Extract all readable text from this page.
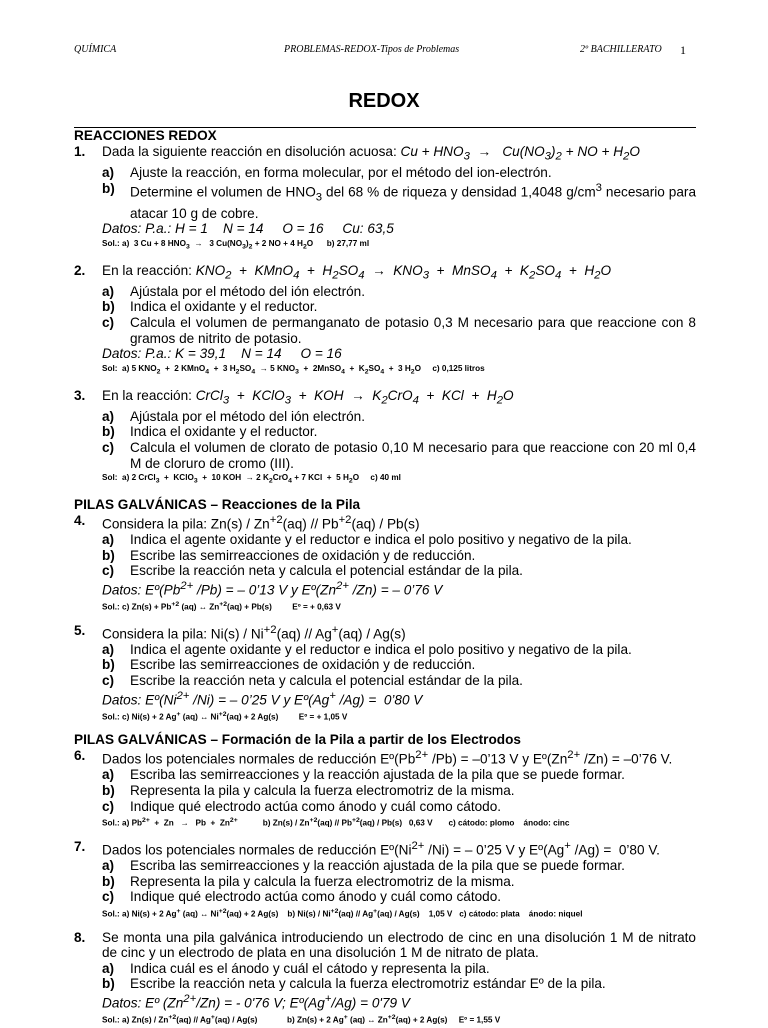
QUÍMICA	PROBLEMAS-REDOX-Tipos de Problemas	2º BACHILLERATO 1
REDOX
REACCIONES REDOX
1. Dada la siguiente reacción en disolución acuosa: $Cu + HNO_3 \to Cu(NO_3)_2$ + NO + $H_2O$
a) Ajuste la reacción, en forma molecular, por el método del ion-electrón.
b) Determine el volumen de $HNO_3$ del 68 % de riqueza y densidad 1,4048 $g/cm^3$ necesario para atacar 10 g de cobre.
Datos: P.a.: H = 1    N = 14     O = 16     Cu: 63,5
Sol.: a)  3 Cu + 8 $HNO_3 \to 3$ $Cu(NO_3)_2 + 2$ NO + 4 $H_2O$      b) 27,77 ml
2. En la reacción: $KNO_2$  +  KMnO$_4$  +  $H_2SO_4 \to KNO_3$  +  MnSO$_4$  +  $K_2SO_4 + H_2O$
a) Ajústala por el método del ión electrón.
b) Indica el oxidante y el reductor.
c) Calcula el volumen de permanganato de potasio 0,3 M necesario para que reaccione con 8 gramos de nitrito de potasio.
Datos: P.a.: K = 39,1    N = 14     O = 16
Sol:  a) 5 $KNO_2 + 2$ KMnO$_4$  +  3 $H_2SO_4 \to 5$ $KNO_3$  +  2MnSO$_4$  +  $K_2SO_4 + 3$ $H_2O$     c) 0,125 litros
3. En la reacción: CrCl$_3$  +  KClO$_3$  +  KOH  →  $K_2CrO_4$  +  KCl  +  $H_2O$
a) Ajústala por el método del ión electrón.
b) Indica el oxidante y el reductor.
c) Calcula el volumen de clorato de potasio 0,10 M necesario para que reaccione con 20 ml 0,4 M de cloruro de cromo (III).
Sol:  a) 2 CrCl$_3$  +  KClO$_3$  +  10 KOH  → 2 $K_2CrO_4 + 7$ KCl  +  5 $H_2O$     c) 40 ml
PILAS GALVÁNICAS – Reacciones de la Pila
4. Considera la pila: $Zn(s) / Zn^{+2}(aq) // Pb^{+2}(aq) / Pb(s)$
a) Indica el agente oxidante y el reductor e indica el polo positivo y negativo de la pila.
b) Escribe las semirreacciones de oxidación y de reducción.
c) Escribe la reacción neta y calcula el potencial estándar de la pila.
Datos: $Eº(Pb^{2+}$ /Pb) = – 0’13 V y $Eº(Zn^{2+}$ /Zn) = – 0’76 V
Sol.: c) $Zn(s) + Pb^{+2}$ (aq) ↔ $Zn^{+2}(aq) + Pb(s)$         Eº = + 0,63 V
5. Considera la pila: $Ni(s) / Ni^{+2}(aq) // Ag^+(aq) / Ag(s)$
a) Indica el agente oxidante y el reductor e indica el polo positivo y negativo de la pila.
b) Escribe las semirreacciones de oxidación y de reducción.
c) Escribe la reacción neta y calcula el potencial estándar de la pila.
Datos: $Eº(Ni^{2+}$ /Ni) = – 0’25 V y Eº(Ag+ /Ag) =  0’80 V
Sol.: c) Ni(s) + 2 Ag+ (aq) ↔ $Ni^{+2}(aq) + 2$ Ag(s)         Eº = + 1,05 V
PILAS GALVÁNICAS – Formación de la Pila a partir de los Electrodos
6. Dados los potenciales normales de reducción $Eº(Pb^{2+}$ /Pb) = –0’13 V y $Eº(Zn^{2+}$ /Zn) = –0’76 V.
a) Escriba las semirreacciones y la reacción ajustada de la pila que se puede formar.
b) Representa la pila y calcula la fuerza electromotriz de la misma.
c) Indique qué electrodo actúa como ánodo y cuál como cátodo.
Sol.: a) $Pb^{2+} + Zn \to Pb + Zn^{2+}$           b) $Zn(s) / Zn^{+2}(aq) // Pb^{+2}(aq) / Pb(s)$   0,63 V       c) cátodo: plomo    ánodo: cinc
7. Dados los potenciales normales de reducción $Eº(Ni^{2+}$ /Ni) = – 0’25 V y Eº(Ag+ /Ag) =  0’80 V.
a) Escriba las semirreacciones y la reacción ajustada de la pila que se puede formar.
b) Representa la pila y calcula la fuerza electromotriz de la misma.
c) Indique qué electrodo actúa como ánodo y cuál como cátodo.
Sol.: a) Ni(s) + 2 Ag+ (aq) ↔ $Ni^{+2}(aq) + 2$ Ag(s)    b) $Ni(s) / Ni^{+2}(aq) // Ag^+(aq) / Ag(s)$    1,05 V   c) cátodo: plata    ánodo: niquel
8. Se monta una pila galvánica introduciendo un electrodo de cinc en una disolución 1 M de nitrato de cinc y un electrodo de plata en una disolución 1 M de nitrato de plata.
a) Indica cuál es el ánodo y cuál el cátodo y representa la pila.
b) Escribe la reacción neta y calcula la fuerza electromotriz estándar Eº de la pila.
Datos: Eº $(Zn^{2+}/Zn)$ = - 0'76 V; Eº(Ag+/Ag) = 0'79 V
Sol.: a) $Zn(s) / Zn^{+2}(aq) // Ag^+(aq) / Ag(s)$             b) Zn(s) + 2 Ag+ (aq) ↔ $Zn^{+2}(aq) + 2$ Ag(s)     Eº = 1,55 V
